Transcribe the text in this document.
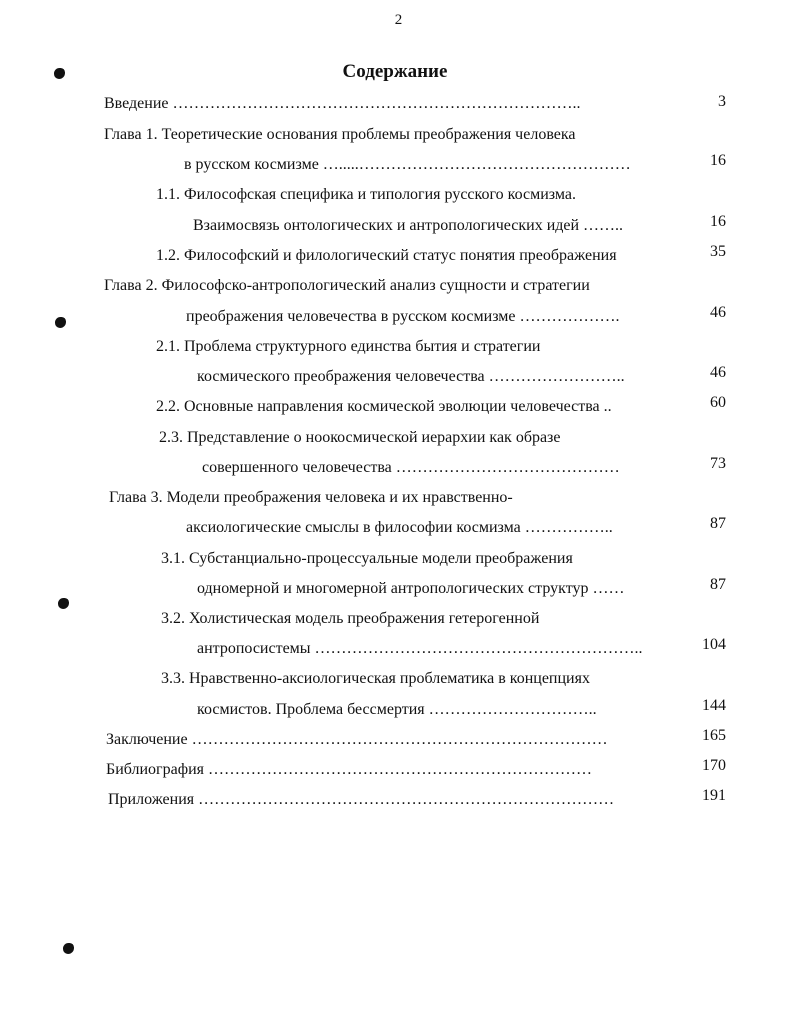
2
Содержание
Введение …………………………………………………………………..	3
Глава 1. Теоретические основания проблемы преображения человека
в русском космизме ….....……………………………………………	16
1.1. Философская специфика и типология русского космизма.
Взаимосвязь онтологических и антропологических идей ……..	16
1.2. Философский и филологический статус понятия преображения	35
Глава 2. Философско-антропологический анализ сущности и стратегии
преображения человечества в русском космизме ……………….	46
2.1. Проблема структурного единства бытия и стратегии
космического преображения человечества ……………………..	46
2.2. Основные направления космической эволюции человечества ..	60
2.3. Представление о ноокосмической иерархии как образе
совершенного человечества ……………………………………	73
Глава 3. Модели преображения человека и их нравственно-
аксиологические смыслы в философии космизма ……………..	87
3.1. Субстанциально-процессуальные модели преображения
одномерной и многомерной антропологических структур ……	87
3.2. Холистическая модель преображения гетерогенной
антропосистемы ……………………………………………………..	104
3.3. Нравственно-аксиологическая проблематика в концепциях
космистов. Проблема бессмертия …………………………..	144
Заключение ……………………………………………………………………	165
Библиография ………………………………………………………………	170
Приложения ……………………………………………………………………	191
